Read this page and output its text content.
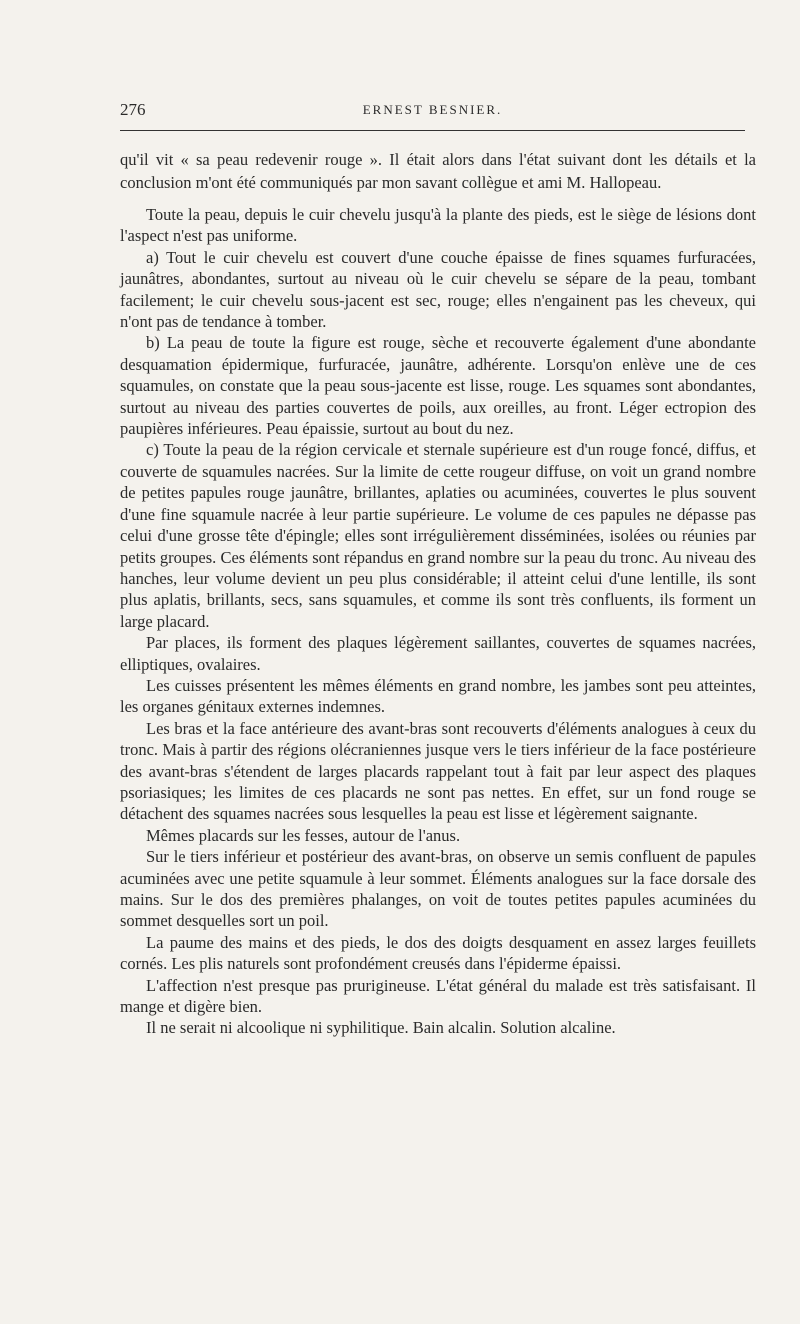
276	ERNEST BESNIER.

qu'il vit « sa peau redevenir rouge ». Il était alors dans l'état suivant dont les détails et la conclusion m'ont été communiqués par mon savant collègue et ami M. Hallopeau.

Toute la peau, depuis le cuir chevelu jusqu'à la plante des pieds, est le siège de lésions dont l'aspect n'est pas uniforme.

a) Tout le cuir chevelu est couvert d'une couche épaisse de fines squames furfuracées, jaunâtres, abondantes, surtout au niveau où le cuir chevelu se sépare de la peau, tombant facilement; le cuir chevelu sous-jacent est sec, rouge; elles n'engainent pas les cheveux, qui n'ont pas de tendance à tomber.

b) La peau de toute la figure est rouge, sèche et recouverte également d'une abondante desquamation épidermique, furfuracée, jaunâtre, adhérente. Lorsqu'on enlève une de ces squamules, on constate que la peau sous-jacente est lisse, rouge. Les squames sont abondantes, surtout au niveau des parties couvertes de poils, aux oreilles, au front. Léger ectropion des paupières inférieures. Peau épaissie, surtout au bout du nez.

c) Toute la peau de la région cervicale et sternale supérieure est d'un rouge foncé, diffus, et couverte de squamules nacrées. Sur la limite de cette rougeur diffuse, on voit un grand nombre de petites papules rouge jaunâtre, brillantes, aplaties ou acuminées, couvertes le plus souvent d'une fine squamule nacrée à leur partie supérieure. Le volume de ces papules ne dépasse pas celui d'une grosse tête d'épingle; elles sont irrégulièrement disséminées, isolées ou réunies par petits groupes. Ces éléments sont répandus en grand nombre sur la peau du tronc. Au niveau des hanches, leur volume devient un peu plus considérable; il atteint celui d'une lentille, ils sont plus aplatis, brillants, secs, sans squamules, et comme ils sont très confluents, ils forment un large placard.

Par places, ils forment des plaques légèrement saillantes, couvertes de squames nacrées, elliptiques, ovalaires.

Les cuisses présentent les mêmes éléments en grand nombre, les jambes sont peu atteintes, les organes génitaux externes indemnes.

Les bras et la face antérieure des avant-bras sont recouverts d'éléments analogues à ceux du tronc. Mais à partir des régions olécraniennes jusque vers le tiers inférieur de la face postérieure des avant-bras s'étendent de larges placards rappelant tout à fait par leur aspect des plaques psoriasiques; les limites de ces placards ne sont pas nettes. En effet, sur un fond rouge se détachent des squames nacrées sous lesquelles la peau est lisse et légèrement saignante.

Mêmes placards sur les fesses, autour de l'anus.

Sur le tiers inférieur et postérieur des avant-bras, on observe un semis confluent de papules acuminées avec une petite squamule à leur sommet. Éléments analogues sur la face dorsale des mains. Sur le dos des premières phalanges, on voit de toutes petites papules acuminées du sommet desquelles sort un poil.

La paume des mains et des pieds, le dos des doigts desquament en assez larges feuillets cornés. Les plis naturels sont profondément creusés dans l'épiderme épaissi.

L'affection n'est presque pas prurigineuse. L'état général du malade est très satisfaisant. Il mange et digère bien.

Il ne serait ni alcoolique ni syphilitique. Bain alcalin. Solution alcaline.
